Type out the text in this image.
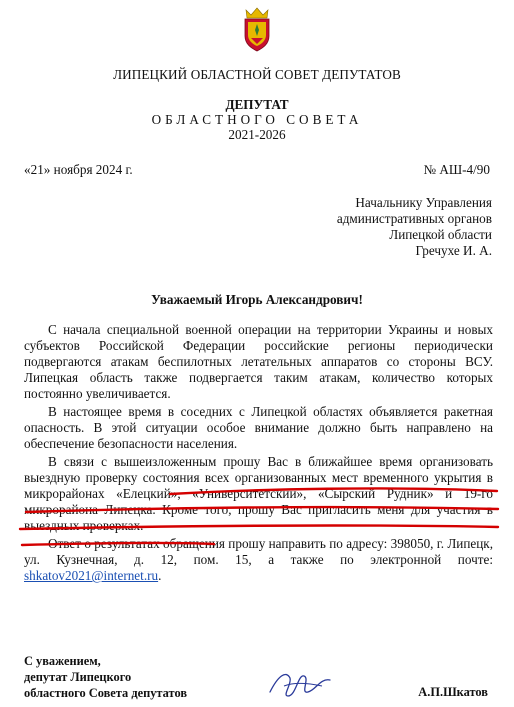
ЛИПЕЦКИЙ ОБЛАСТНОЙ СОВЕТ ДЕПУТАТОВ
ДЕПУТАТ
ОБЛАСТНОГО СОВЕТА
2021-2026
«21» ноября 2024 г.	№ АШ-4/90
Начальнику Управления
административных органов
Липецкой области
Гречухе И. А.
Уважаемый Игорь Александрович!

С начала специальной военной операции на территории Украины и новых субъектов Российской Федерации российские регионы периодически подвергаются атакам беспилотных летательных аппаратов со стороны ВСУ. Липецкая область также подвергается таким атакам, количество которых постоянно увеличивается.

В настоящее время в соседних с Липецкой областях объявляется ракетная опасность. В этой ситуации особое внимание должно быть направлено на обеспечение безопасности населения.

В связи с вышеизложенным прошу Вас в ближайшее время организовать выездную проверку состояния всех организованных мест временного укрытия в микрорайонах «Елецкий», «Университетский», «Сырский Рудник» и 19-го микрорайона Липецка. Кроме того, прошу Вас пригласить меня для участия в выездных проверках.

Ответ о результатах обращения прошу направить по адресу: 398050, г. Липецк, ул. Кузнечная, д. 12, пом. 15, а также по электронной почте: shkatov2021@internet.ru.

С уважением,
депутат Липецкого
областного Совета депутатов	А.П.Шкатов
